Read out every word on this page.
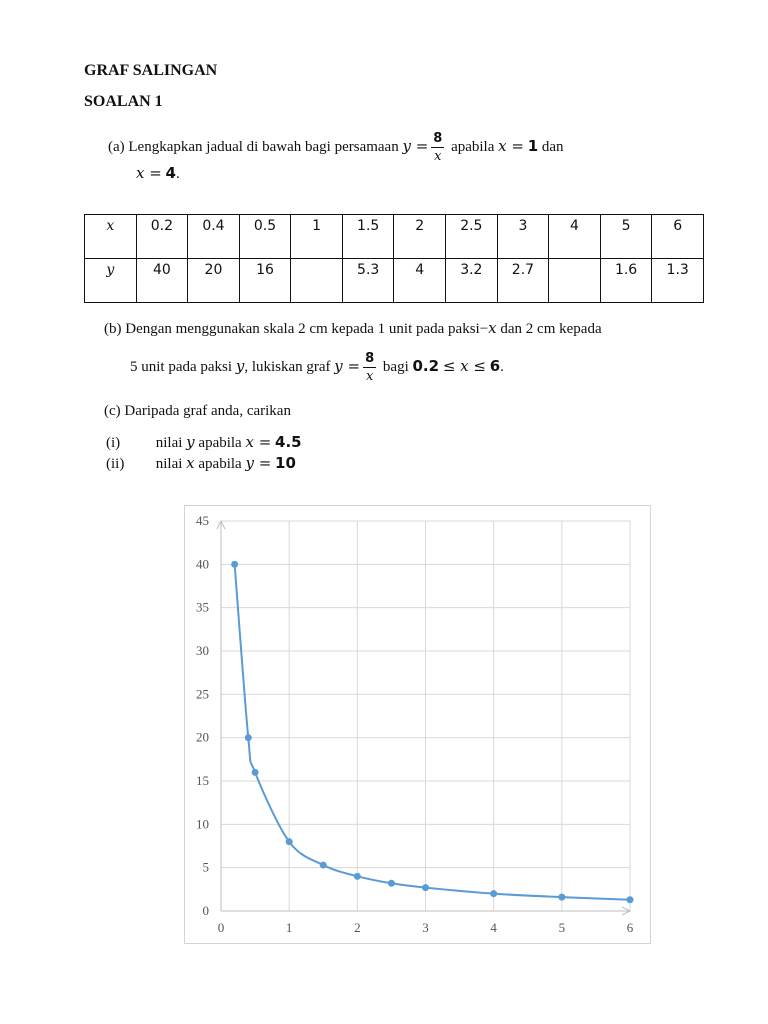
GRAF SALINGAN
SOALAN 1
(a) Lengkapkan jadual di bawah bagi persamaan $y = \frac{8}{x}$ apabila x = 1 dan
x = 4.
x	0.2	0.4	0.5	1	1.5	2	2.5	3	4	5	6
y	40	20	16		5.3	4	3.2	2.7		1.6	1.3
(b) Dengan menggunakan skala 2 cm kepada 1 unit pada paksi−x dan 2 cm kepada
5 unit pada paksi y, lukiskan graf $y = \frac{8}{x}$ bagi 0.2 ≤ x ≤ 6.
(c) Daripada graf anda, carikan
(i) nilai y apabila x = 4.5
(ii) nilai x apabila y = 10
0
5
10
15
20
25
30
35
40
45
0	1	2	3	4	5	6
